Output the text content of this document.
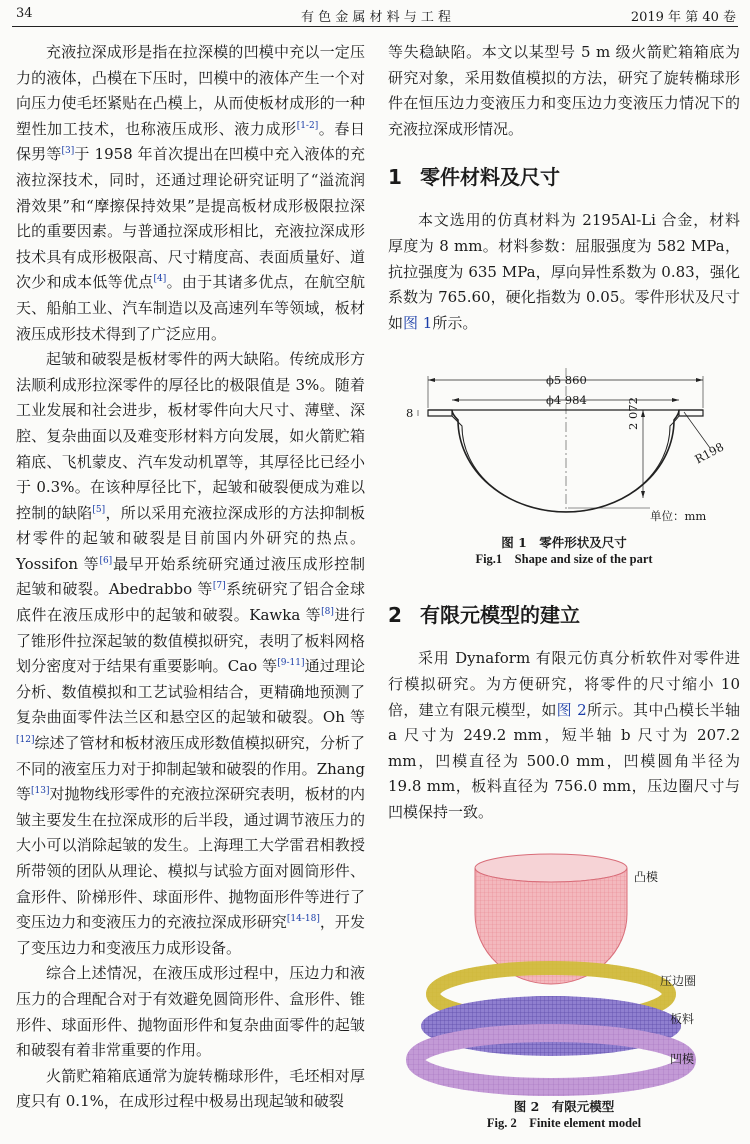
34	有 色 金 属 材 料 与 工 程	2019 年 第 40 卷

充液拉深成形是指在拉深模的凹模中充以一定压力的液体，凸模在下压时，凹模中的液体产生一个对向压力使毛坯紧贴在凸模上，从而使板材成形的一种塑性加工技术，也称液压成形、液力成形[1-2]。春日保男等[3]于 1958 年首次提出在凹模中充入液体的充液拉深技术，同时，还通过理论研究证明了“溢流润滑效果”和“摩擦保持效果”是提高板材成形极限拉深比的重要因素。与普通拉深成形相比，充液拉深成形技术具有成形极限高、尺寸精度高、表面质量好、道次少和成本低等优点[4]。由于其诸多优点，在航空航天、船舶工业、汽车制造以及高速列车等领域，板材液压成形技术得到了广泛应用。

起皱和破裂是板材零件的两大缺陷。传统成形方法顺利成形拉深零件的厚径比的极限值是 3%。随着工业发展和社会进步，板材零件向大尺寸、薄壁、深腔、复杂曲面以及难变形材料方向发展，如火箭贮箱箱底、飞机蒙皮、汽车发动机罩等，其厚径比已经小于 0.3%。在该种厚径比下，起皱和破裂便成为难以控制的缺陷[5]，所以采用充液拉深成形的方法抑制板材零件的起皱和破裂是目前国内外研究的热点。Yossifon 等[6]最早开始系统研究通过液压成形控制起皱和破裂。Abedrabbo 等[7]系统研究了铝合金球底件在液压成形中的起皱和破裂。Kawka 等[8]进行了锥形件拉深起皱的数值模拟研究，表明了板料网格划分密度对于结果有重要影响。Cao 等[9-11]通过理论分析、数值模拟和工艺试验相结合，更精确地预测了复杂曲面零件法兰区和悬空区的起皱和破裂。Oh 等[12]综述了管材和板材液压成形数值模拟研究，分析了不同的液室压力对于抑制起皱和破裂的作用。Zhang 等[13]对抛物线形零件的充液拉深研究表明，板材的内皱主要发生在拉深成形的后半段，通过调节液压力的大小可以消除起皱的发生。上海理工大学雷君相教授所带领的团队从理论、模拟与试验方面对圆筒形件、盒形件、阶梯形件、球面形件、抛物面形件等进行了变压边力和变液压力的充液拉深成形研究[14-18]，开发了变压边力和变液压力成形设备。

综合上述情况，在液压成形过程中，压边力和液压力的合理配合对于有效避免圆筒形件、盒形件、锥形件、球面形件、抛物面形件和复杂曲面零件的起皱和破裂有着非常重要的作用。

火箭贮箱箱底通常为旋转椭球形件，毛坯相对厚度只有 0.1%，在成形过程中极易出现起皱和破裂

等失稳缺陷。本文以某型号 5 m 级火箭贮箱箱底为研究对象，采用数值模拟的方法，研究了旋转椭球形件在恒压边力变液压力和变压边力变液压力情况下的充液拉深成形情况。

1 零件材料及尺寸

本文选用的仿真材料为 2195Al-Li 合金，材料厚度为 8 mm。材料参数：屈服强度为 582 MPa，抗拉强度为 635 MPa，厚向异性系数为 0.83，强化系数为 765.60，硬化指数为 0.05。零件形状及尺寸如图 1所示。

ϕ5 860
ϕ4 984
8	2 072
R198
单位：mm
图 1　零件形状及尺寸
Fig.1　Shape and size of the part
2 有限元模型的建立

采用 Dynaform 有限元仿真分析软件对零件进行模拟研究。为方便研究，将零件的尺寸缩小 10 倍，建立有限元模型，如图 2所示。其中凸模长半轴 a 尺寸为 249.2 mm，短半轴 b 尺寸为 207.2 mm，凹模直径为 500.0 mm，凹模圆角半径为 19.8 mm，板料直径为 756.0 mm，压边圈尺寸与凹模保持一致。

凸模
压边圈
板料
凹模
图 2　有限元模型
Fig. 2　Finite element model
